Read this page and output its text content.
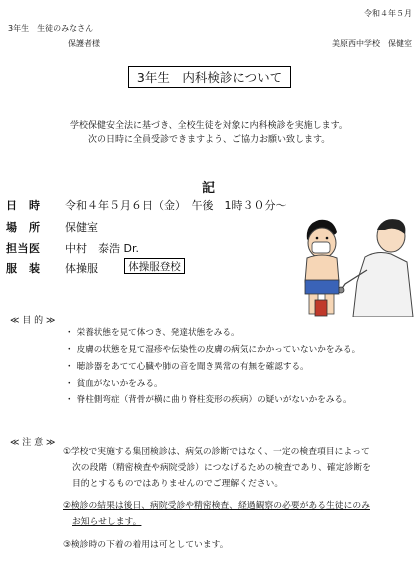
令和４年５月
3年生　生徒のみなさん
保護者様	美原西中学校　保健室
3年生　内科検診について
学校保健安全法に基づき、全校生徒を対象に内科検診を実施します。
次の日時に全員受診できますよう、ご協力お願い致します。
記
日　時 令和４年５月６日（金）　午後　1時３０分～
場　所 保健室
担当医 中村　泰浩 Dr.
服　装 体操服	体操服登校
≪ 目 的 ≫
・ 栄養状態を見て体つき、発達状態をみる。
・ 皮膚の状態を見て湿疹や伝染性の皮膚の病気にかかっていないかをみる。
・ 聴診器をあてて心臓や肺の音を聞き異常の有無を確認する。
・ 貧血がないかをみる。
・ 脊柱側弯症（背骨が横に曲り脊柱変形の疾病）の疑いがないかをみる。
≪ 注 意 ≫
①学校で実施する集団検診は、病気の診断ではなく、一定の検査項目によって
次の段階（精密検査や病院受診）につなげるための検査であり、確定診断を
目的とするものではありませんのでご理解ください。
②検診の結果は後日、病院受診や精密検査、経過観察の必要がある生徒にのみ
お知らせします。
③検診時の下着の着用は可としています。
